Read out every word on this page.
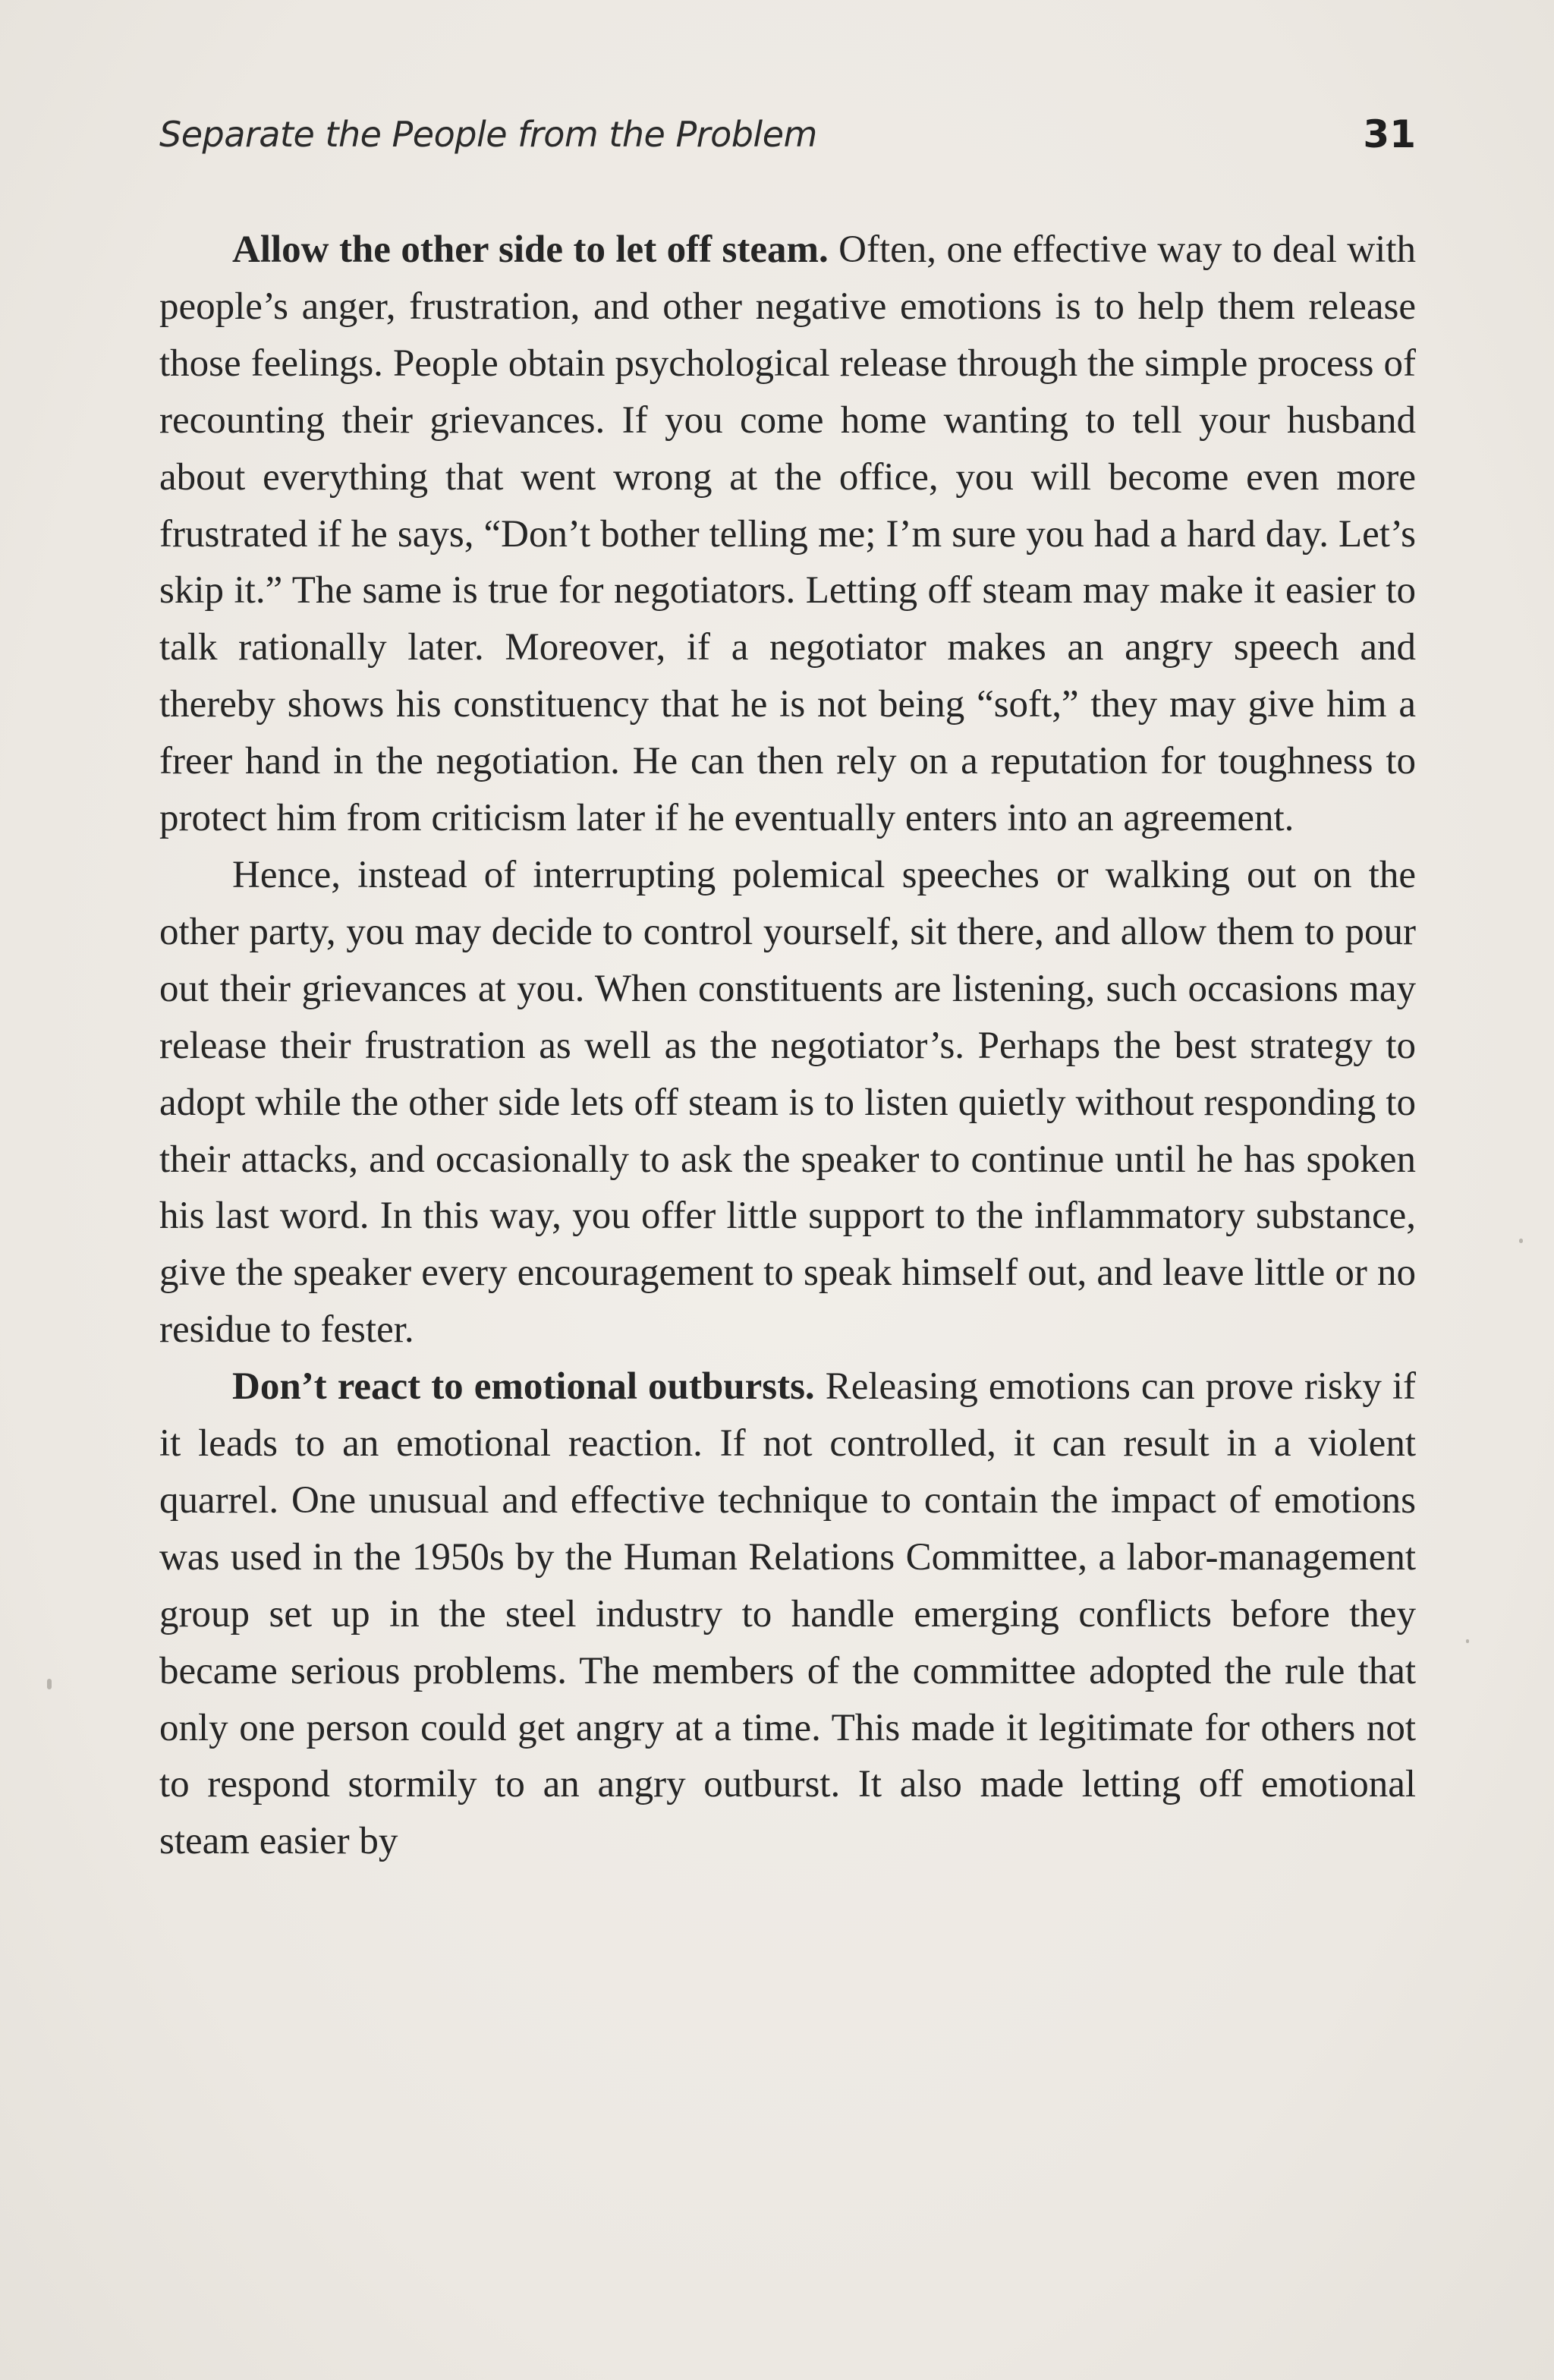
Separate the People from the Problem	31

Allow the other side to let off steam. Often, one effective way to deal with people’s anger, frustration, and other negative emotions is to help them release those feelings. People obtain psychological release through the simple process of recounting their grievances. If you come home wanting to tell your husband about everything that went wrong at the office, you will become even more frustrated if he says, “Don’t bother telling me; I’m sure you had a hard day. Let’s skip it.” The same is true for negotiators. Letting off steam may make it easier to talk rationally later. Moreover, if a negotiator makes an angry speech and thereby shows his constituency that he is not being “soft,” they may give him a freer hand in the negotiation. He can then rely on a reputation for toughness to protect him from criticism later if he eventually enters into an agreement.

Hence, instead of interrupting polemical speeches or walking out on the other party, you may decide to control yourself, sit there, and allow them to pour out their grievances at you. When constituents are listening, such occasions may release their frustration as well as the negotiator’s. Perhaps the best strategy to adopt while the other side lets off steam is to listen quietly without responding to their attacks, and occasionally to ask the speaker to continue until he has spoken his last word. In this way, you offer little support to the inflammatory substance, give the speaker every encouragement to speak himself out, and leave little or no residue to fester.

Don’t react to emotional outbursts. Releasing emotions can prove risky if it leads to an emotional reaction. If not controlled, it can result in a violent quarrel. One unusual and effective technique to contain the impact of emotions was used in the 1950s by the Human Relations Committee, a labor-management group set up in the steel industry to handle emerging conflicts before they became serious problems. The members of the committee adopted the rule that only one person could get angry at a time. This made it legitimate for others not to respond stormily to an angry outburst. It also made letting off emotional steam easier by
